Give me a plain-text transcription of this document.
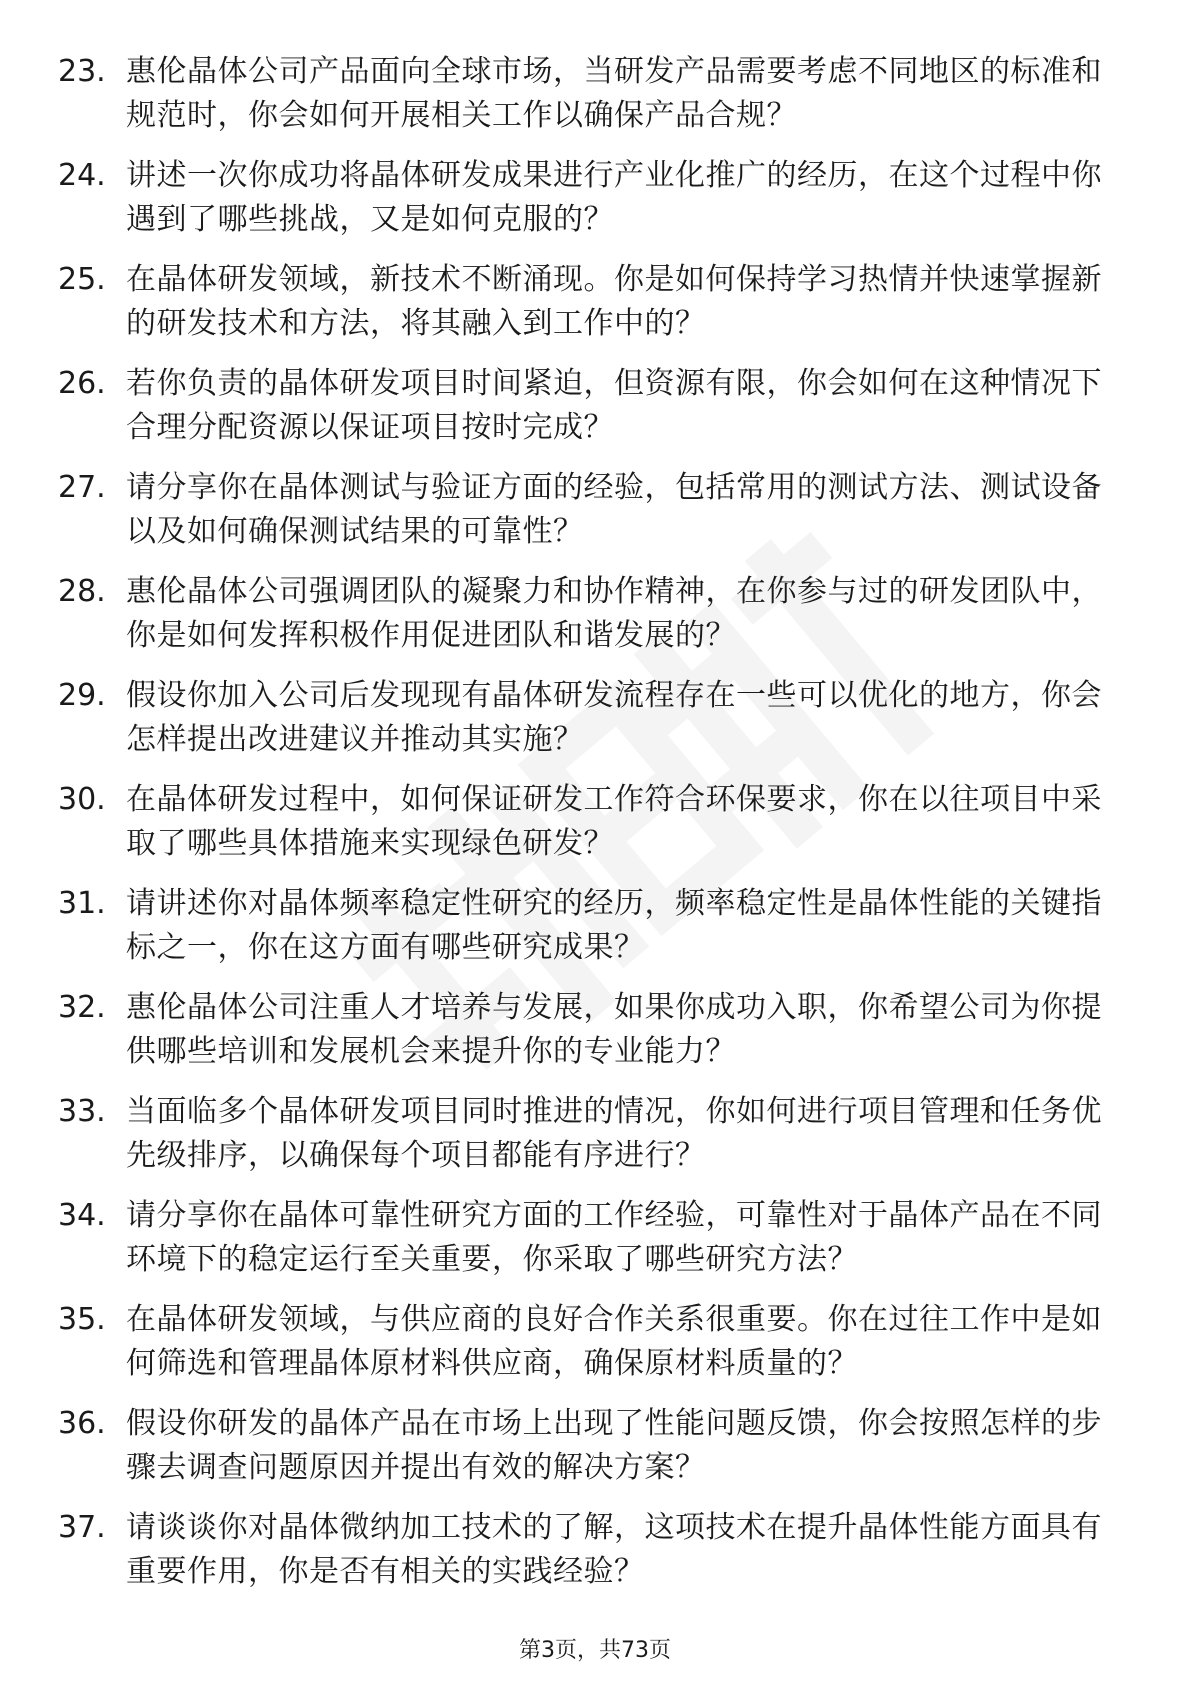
23. 惠伦晶体公司产品面向全球市场，当研发产品需要考虑不同地区的标准和规范时，你会如何开展相关工作以确保产品合规？
24. 讲述一次你成功将晶体研发成果进行产业化推广的经历，在这个过程中你遇到了哪些挑战，又是如何克服的？
25. 在晶体研发领域，新技术不断涌现。你是如何保持学习热情并快速掌握新的研发技术和方法，将其融入到工作中的？
26. 若你负责的晶体研发项目时间紧迫，但资源有限，你会如何在这种情况下合理分配资源以保证项目按时完成？
27. 请分享你在晶体测试与验证方面的经验，包括常用的测试方法、测试设备以及如何确保测试结果的可靠性？
28. 惠伦晶体公司强调团队的凝聚力和协作精神，在你参与过的研发团队中，你是如何发挥积极作用促进团队和谐发展的？
29. 假设你加入公司后发现现有晶体研发流程存在一些可以优化的地方，你会怎样提出改进建议并推动其实施？
30. 在晶体研发过程中，如何保证研发工作符合环保要求，你在以往项目中采取了哪些具体措施来实现绿色研发？
31. 请讲述你对晶体频率稳定性研究的经历，频率稳定性是晶体性能的关键指标之一，你在这方面有哪些研究成果？
32. 惠伦晶体公司注重人才培养与发展，如果你成功入职，你希望公司为你提供哪些培训和发展机会来提升你的专业能力？
33. 当面临多个晶体研发项目同时推进的情况，你如何进行项目管理和任务优先级排序，以确保每个项目都能有序进行？
34. 请分享你在晶体可靠性研究方面的工作经验，可靠性对于晶体产品在不同环境下的稳定运行至关重要，你采取了哪些研究方法？
35. 在晶体研发领域，与供应商的良好合作关系很重要。你在过往工作中是如何筛选和管理晶体原材料供应商，确保原材料质量的？
36. 假设你研发的晶体产品在市场上出现了性能问题反馈，你会按照怎样的步骤去调查问题原因并提出有效的解决方案？
37. 请谈谈你对晶体微纳加工技术的了解，这项技术在提升晶体性能方面具有重要作用，你是否有相关的实践经验？
第3页，共73页
